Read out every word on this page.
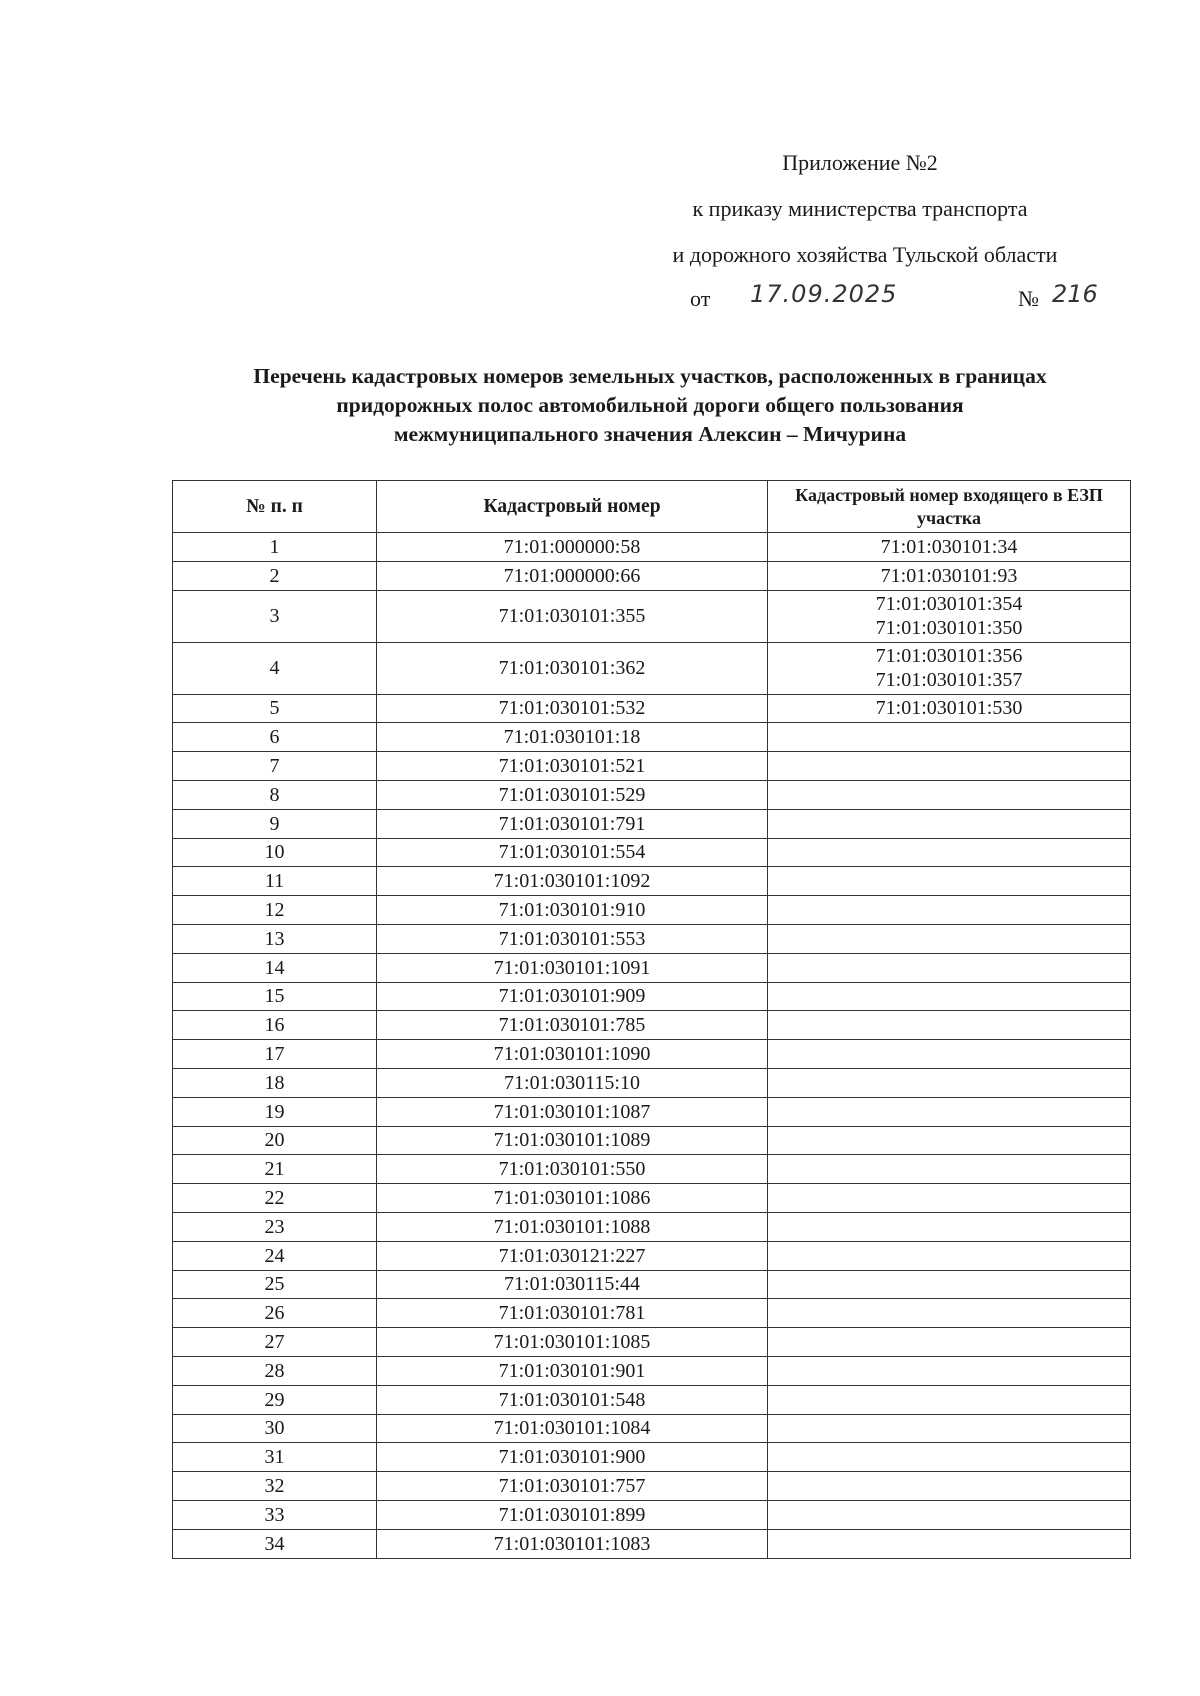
Приложение №2
к приказу министерства транспорта
и дорожного хозяйства Тульской области
от 17.09.2025	№ 216
Перечень кадастровых номеров земельных участков, расположенных в границах
придорожных полос автомобильной дороги общего пользования
межмуниципального значения Алексин – Мичурина
№ п. п	Кадастровый номер	Кадастровый номер входящего в ЕЗП участка
1	71:01:000000:58	71:01:030101:34

2	71:01:000000:66	71:01:030101:93

3	71:01:030101:355	71:01:030101:354
71:01:030101:350

4	71:01:030101:362	71:01:030101:356
71:01:030101:357

5	71:01:030101:532	71:01:030101:530

6	71:01:030101:18	
7	71:01:030101:521	
8	71:01:030101:529	
9	71:01:030101:791	
10	71:01:030101:554	
11	71:01:030101:1092	
12	71:01:030101:910	
13	71:01:030101:553	
14	71:01:030101:1091	
15	71:01:030101:909	
16	71:01:030101:785	
17	71:01:030101:1090	
18	71:01:030115:10	
19	71:01:030101:1087	
20	71:01:030101:1089	
21	71:01:030101:550	
22	71:01:030101:1086	
23	71:01:030101:1088	
24	71:01:030121:227	
25	71:01:030115:44	
26	71:01:030101:781	
27	71:01:030101:1085	
28	71:01:030101:901	
29	71:01:030101:548	
30	71:01:030101:1084	
31	71:01:030101:900	
32	71:01:030101:757	
33	71:01:030101:899	
34	71:01:030101:1083	
